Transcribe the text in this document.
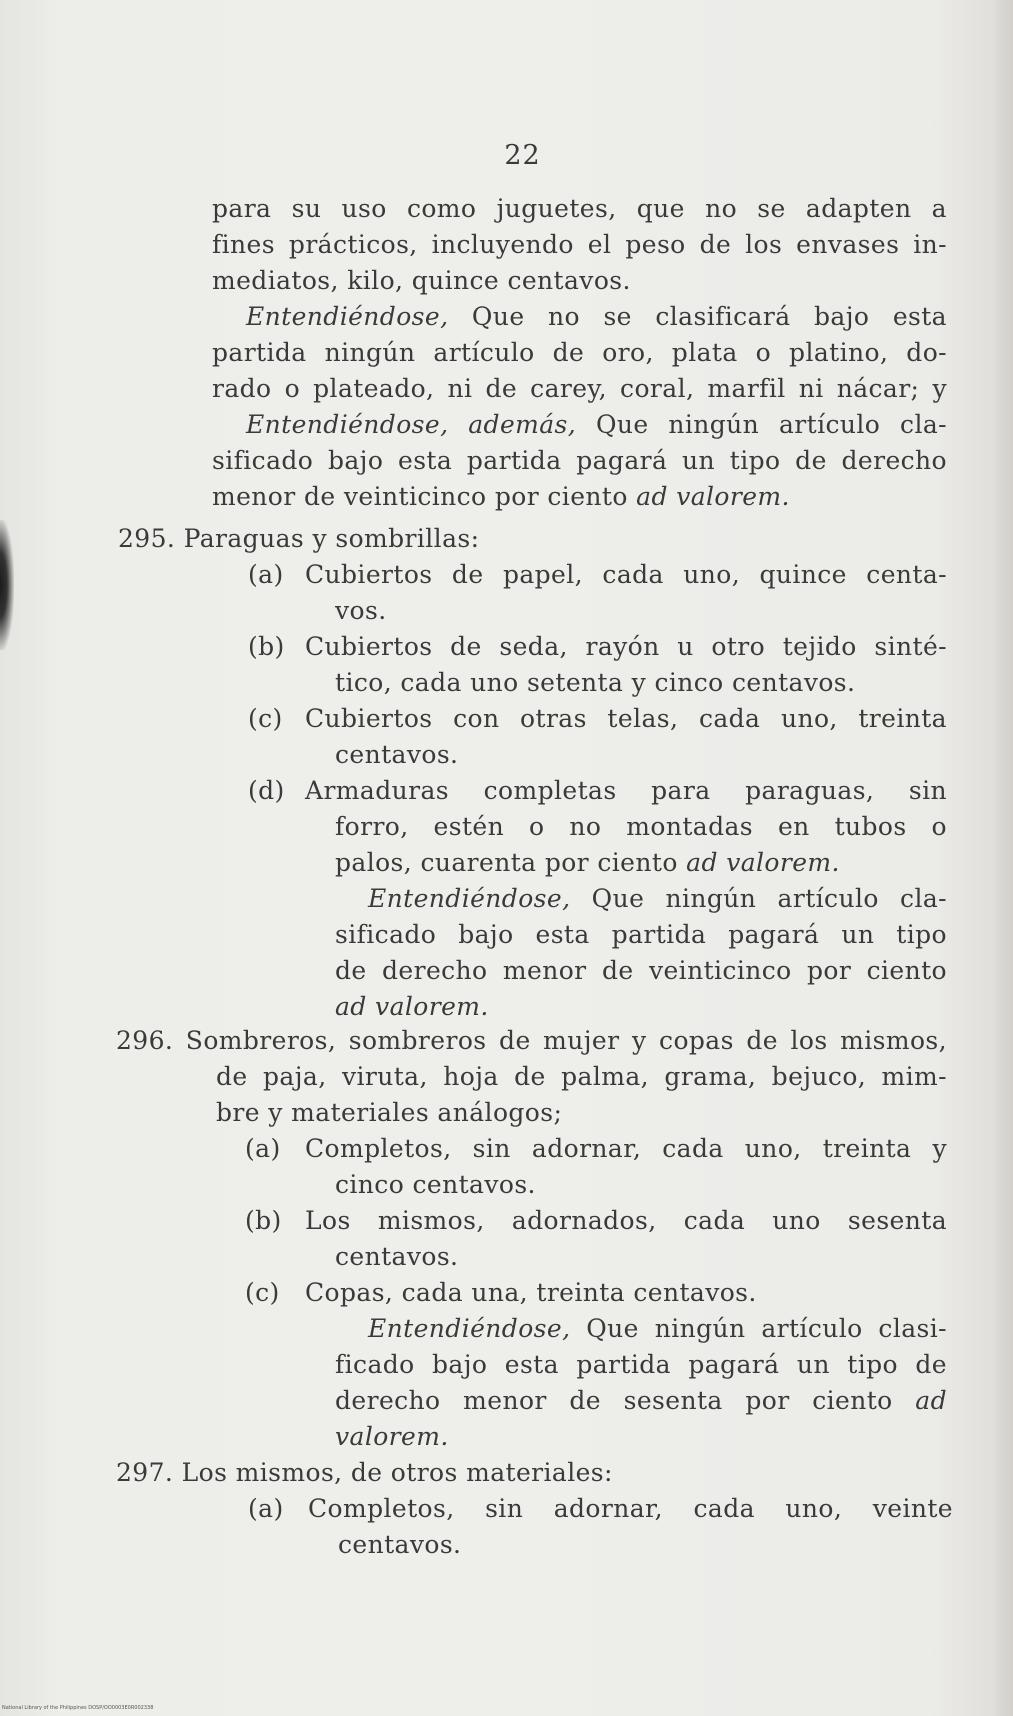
22
para su uso como juguetes, que no se adapten a
fines prácticos, incluyendo el peso de los envases in-
mediatos, kilo, quince centavos.
Entendiéndose, Que no se clasificará bajo esta
partida ningún artículo de oro, plata o platino, do-
rado o plateado, ni de carey, coral, marfil ni nácar; y
Entendiéndose, además, Que ningún artículo cla-
sificado bajo esta partida pagará un tipo de derecho
menor de veinticinco por ciento ad valorem.
295. Paraguas y sombrillas:
(a) Cubiertos de papel, cada uno, quince centa-
vos.
(b) Cubiertos de seda, rayón u otro tejido sinté-
tico, cada uno setenta y cinco centavos.
(c) Cubiertos con otras telas, cada uno, treinta
centavos.
(d) Armaduras completas para paraguas, sin
forro, estén o no montadas en tubos o
palos, cuarenta por ciento ad valorem.
Entendiéndose, Que ningún artículo cla-
sificado bajo esta partida pagará un tipo
de derecho menor de veinticinco por ciento
ad valorem.
296. Sombreros, sombreros de mujer y copas de los mismos,
de paja, viruta, hoja de palma, grama, bejuco, mim-
bre y materiales análogos;
(a) Completos, sin adornar, cada uno, treinta y
cinco centavos.
(b) Los mismos, adornados, cada uno sesenta
centavos.
(c) Copas, cada una, treinta centavos.
Entendiéndose, Que ningún artículo clasi-
ficado bajo esta partida pagará un tipo de
derecho menor de sesenta por ciento ad
valorem.
297. Los mismos, de otros materiales:
(a) Completos, sin adornar, cada uno, veinte
centavos.
National Library of the Philippines DOSP/OO0003E0R002338
